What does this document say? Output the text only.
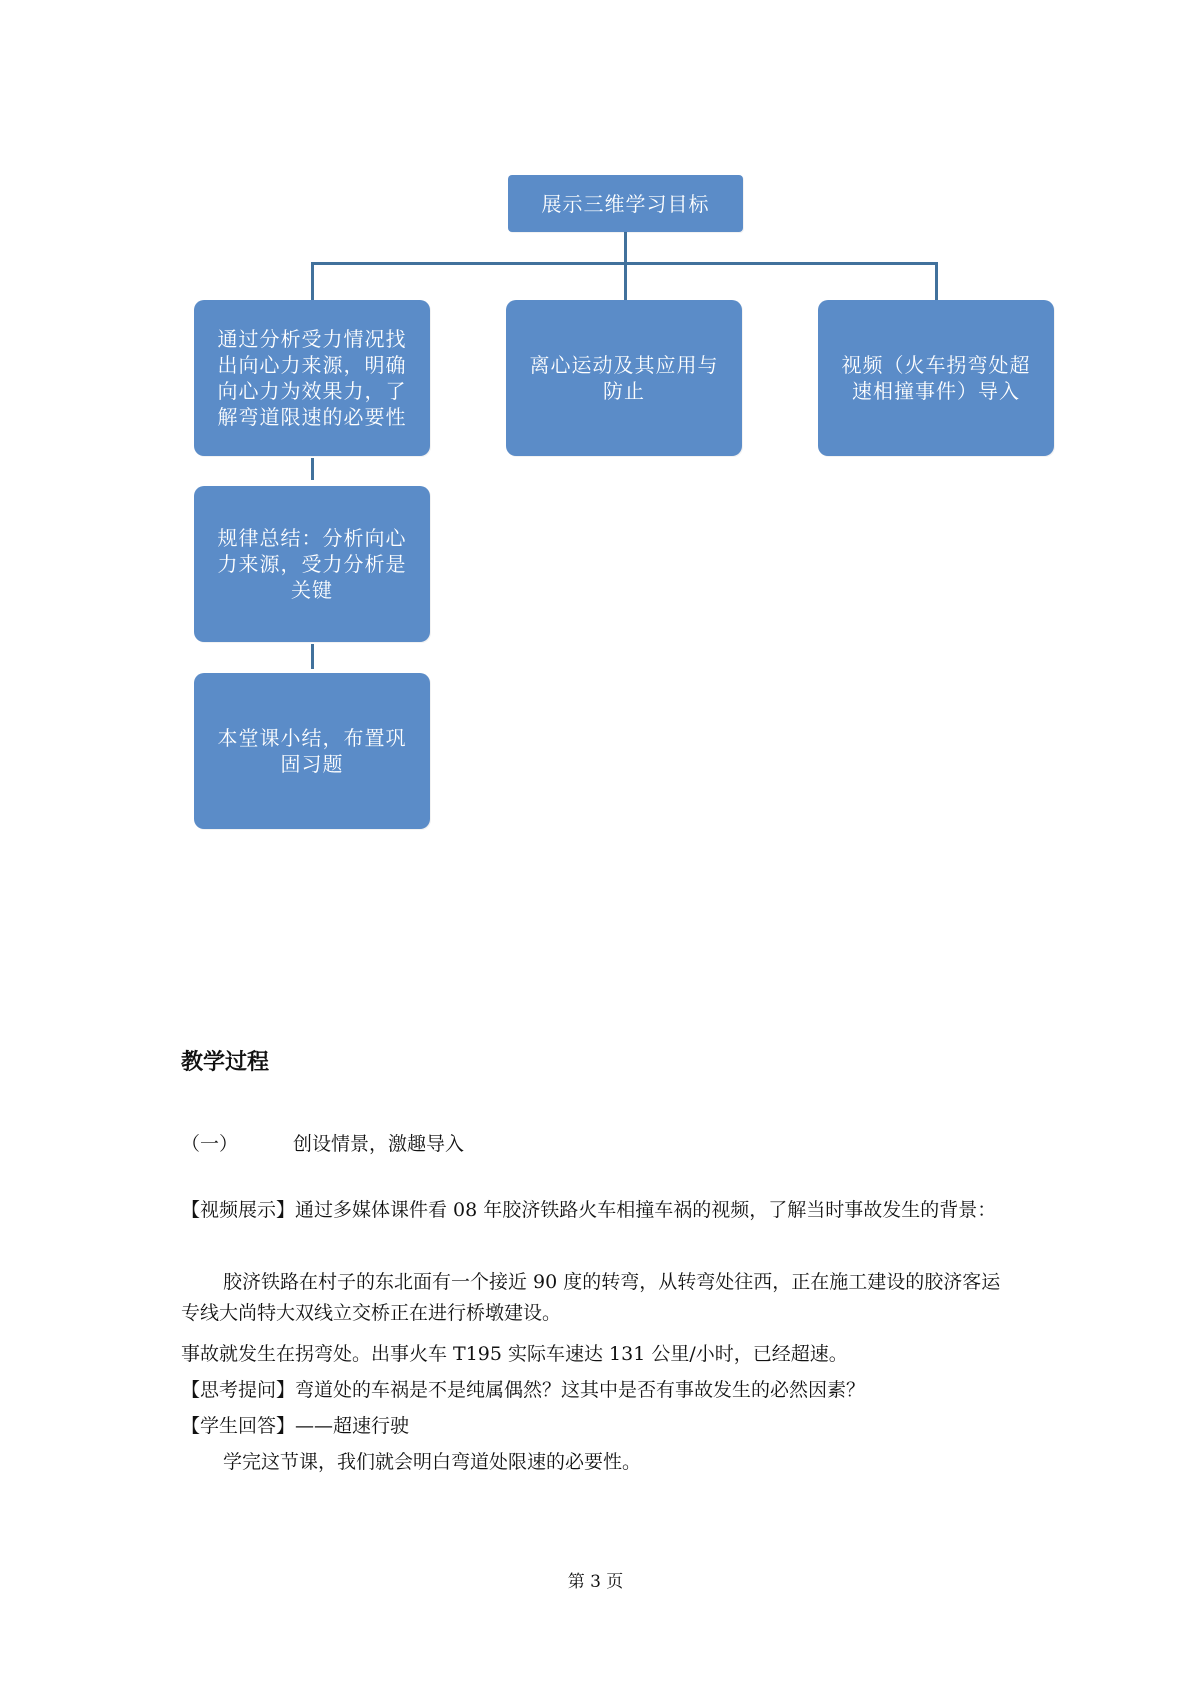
展示三维学习目标
通过分析受力情况找出向心力来源，明确向心力为效果力，了解弯道限速的必要性
离心运动及其应用与防止
视频（火车拐弯处超速相撞事件）导入
规律总结：分析向心力来源，受力分析是关键
本堂课小结，布置巩固习题
教学过程
（一）	创设情景，激趣导入

【视频展示】通过多媒体课件看 08 年胶济铁路火车相撞车祸的视频，了解当时事故发生的背景：

胶济铁路在村子的东北面有一个接近 90 度的转弯，从转弯处往西，正在施工建设的胶济客运专线大尚特大双线立交桥正在进行桥墩建设。

事故就发生在拐弯处。出事火车 T195 实际车速达 131 公里/小时，已经超速。

【思考提问】弯道处的车祸是不是纯属偶然？这其中是否有事故发生的必然因素？

【学生回答】——超速行驶

学完这节课，我们就会明白弯道处限速的必要性。

第 3 页
